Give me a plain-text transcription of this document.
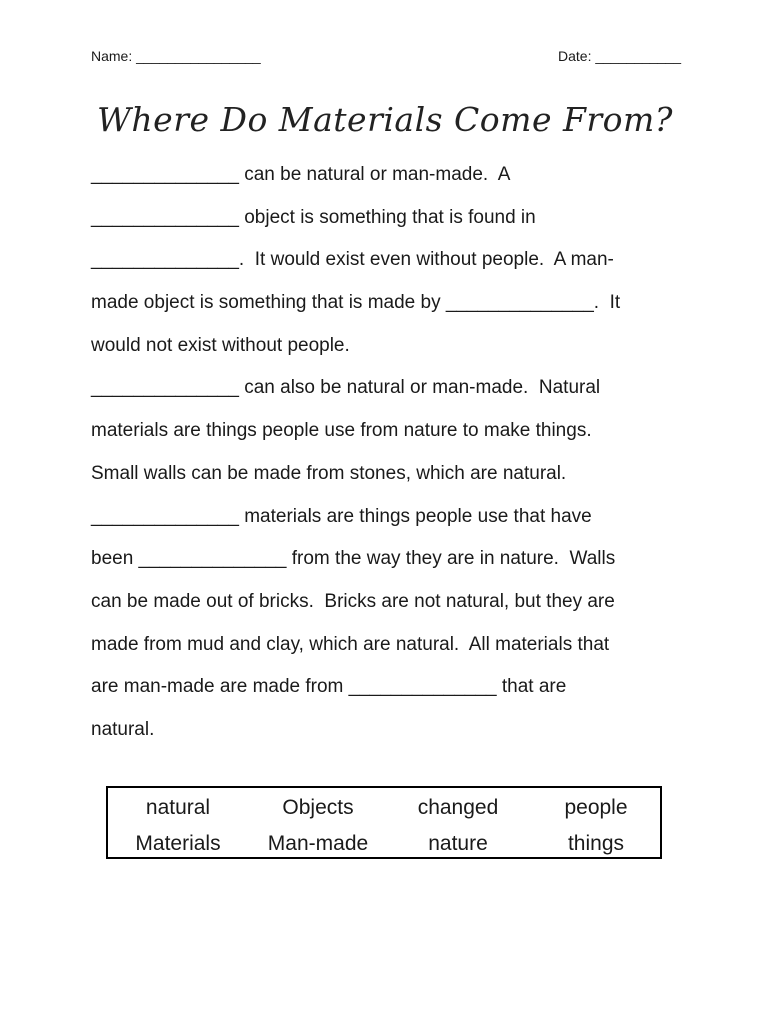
Name: ________________	Date: ___________
Where Do Materials Come From?
______________ can be natural or man-made.  A
______________ object is something that is found in
______________.  It would exist even without people.  A man-
made object is something that is made by ______________.  It
would not exist without people.
______________ can also be natural or man-made.  Natural
materials are things people use from nature to make things.
Small walls can be made from stones, which are natural.
______________ materials are things people use that have
been ______________ from the way they are in nature.  Walls
can be made out of bricks.  Bricks are not natural, but they are
made from mud and clay, which are natural.  All materials that
are man-made are made from ______________ that are
natural.
natural	Objects	changed	people
Materials	Man-made	nature	things
